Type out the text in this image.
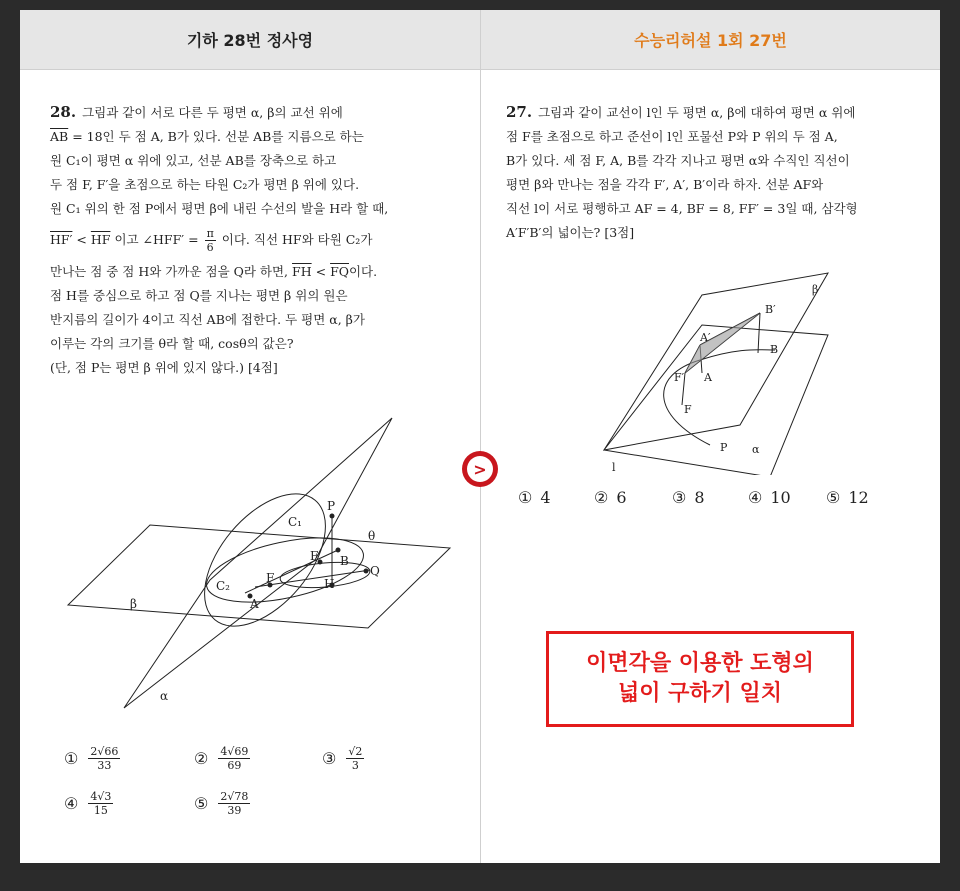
기하 28번 정사영	수능리허설 1회 27번
28. 그림과 같이 서로 다른 두 평면 α, β의 교선 위에
$\overline{AB} = 18$인 두 점 A, B가 있다. 선분 AB를 지름으로 하는
원 C₁이 평면 α 위에 있고, 선분 AB를 장축으로 하고
두 점 F, F′을 초점으로 하는 타원 C₂가 평면 β 위에 있다.
원 C₁ 위의 한 점 P에서 평면 β에 내린 수선의 발을 H라 할 때,
$HF' < \overline{HF}$ 이고 ∠HFF′ = $\frac{\pi}{6}$ 이다. 직선 HF와 타원 C₂가
만나는 점 중 점 H와 가까운 점을 Q라 하면, $\overline{FH} < \overline{FQ}$이다.
점 H를 중심으로 하고 점 Q를 지나는 평면 β 위의 원은
반지름의 길이가 4이고 직선 AB에 접한다. 두 평면 α, β가
이루는 각의 크기를 θ라 할 때, cosθ의 값은?
(단, 점 P는 평면 β 위에 있지 않다.) [4점]
β
α
C₁
C₂
P
F′ B
Q
H
F
A
θ
① $\frac{2√66}{33}$	② $\frac{4√69}{69}$	③ $\frac{√2}{3}$
④ $\frac{4√3}{15}$	⑤ $\frac{2√78}{39}$
27. 그림과 같이 교선이 l인 두 평면 α, β에 대하여 평면 α 위에
점 F를 초점으로 하고 준선이 l인 포물선 P와 P 위의 두 점 A,
B가 있다. 세 점 F, A, B를 각각 지나고 평면 α와 수직인 직선이
평면 β와 만나는 점을 각각 F′, A′, B′이라 하자. 선분 AF와
직선 l이 서로 평행하고 AF = 4, BF = 8, FF′ = 3일 때, 삼각형
A′F′B′의 넓이는? [3점]
β
B′
A′
B
F′ A
F
P α
l
① 4	② 6	③ 8	④ 10 ⑤ 12
>
이면각을 이용한 도형의
넓이 구하기 일치
